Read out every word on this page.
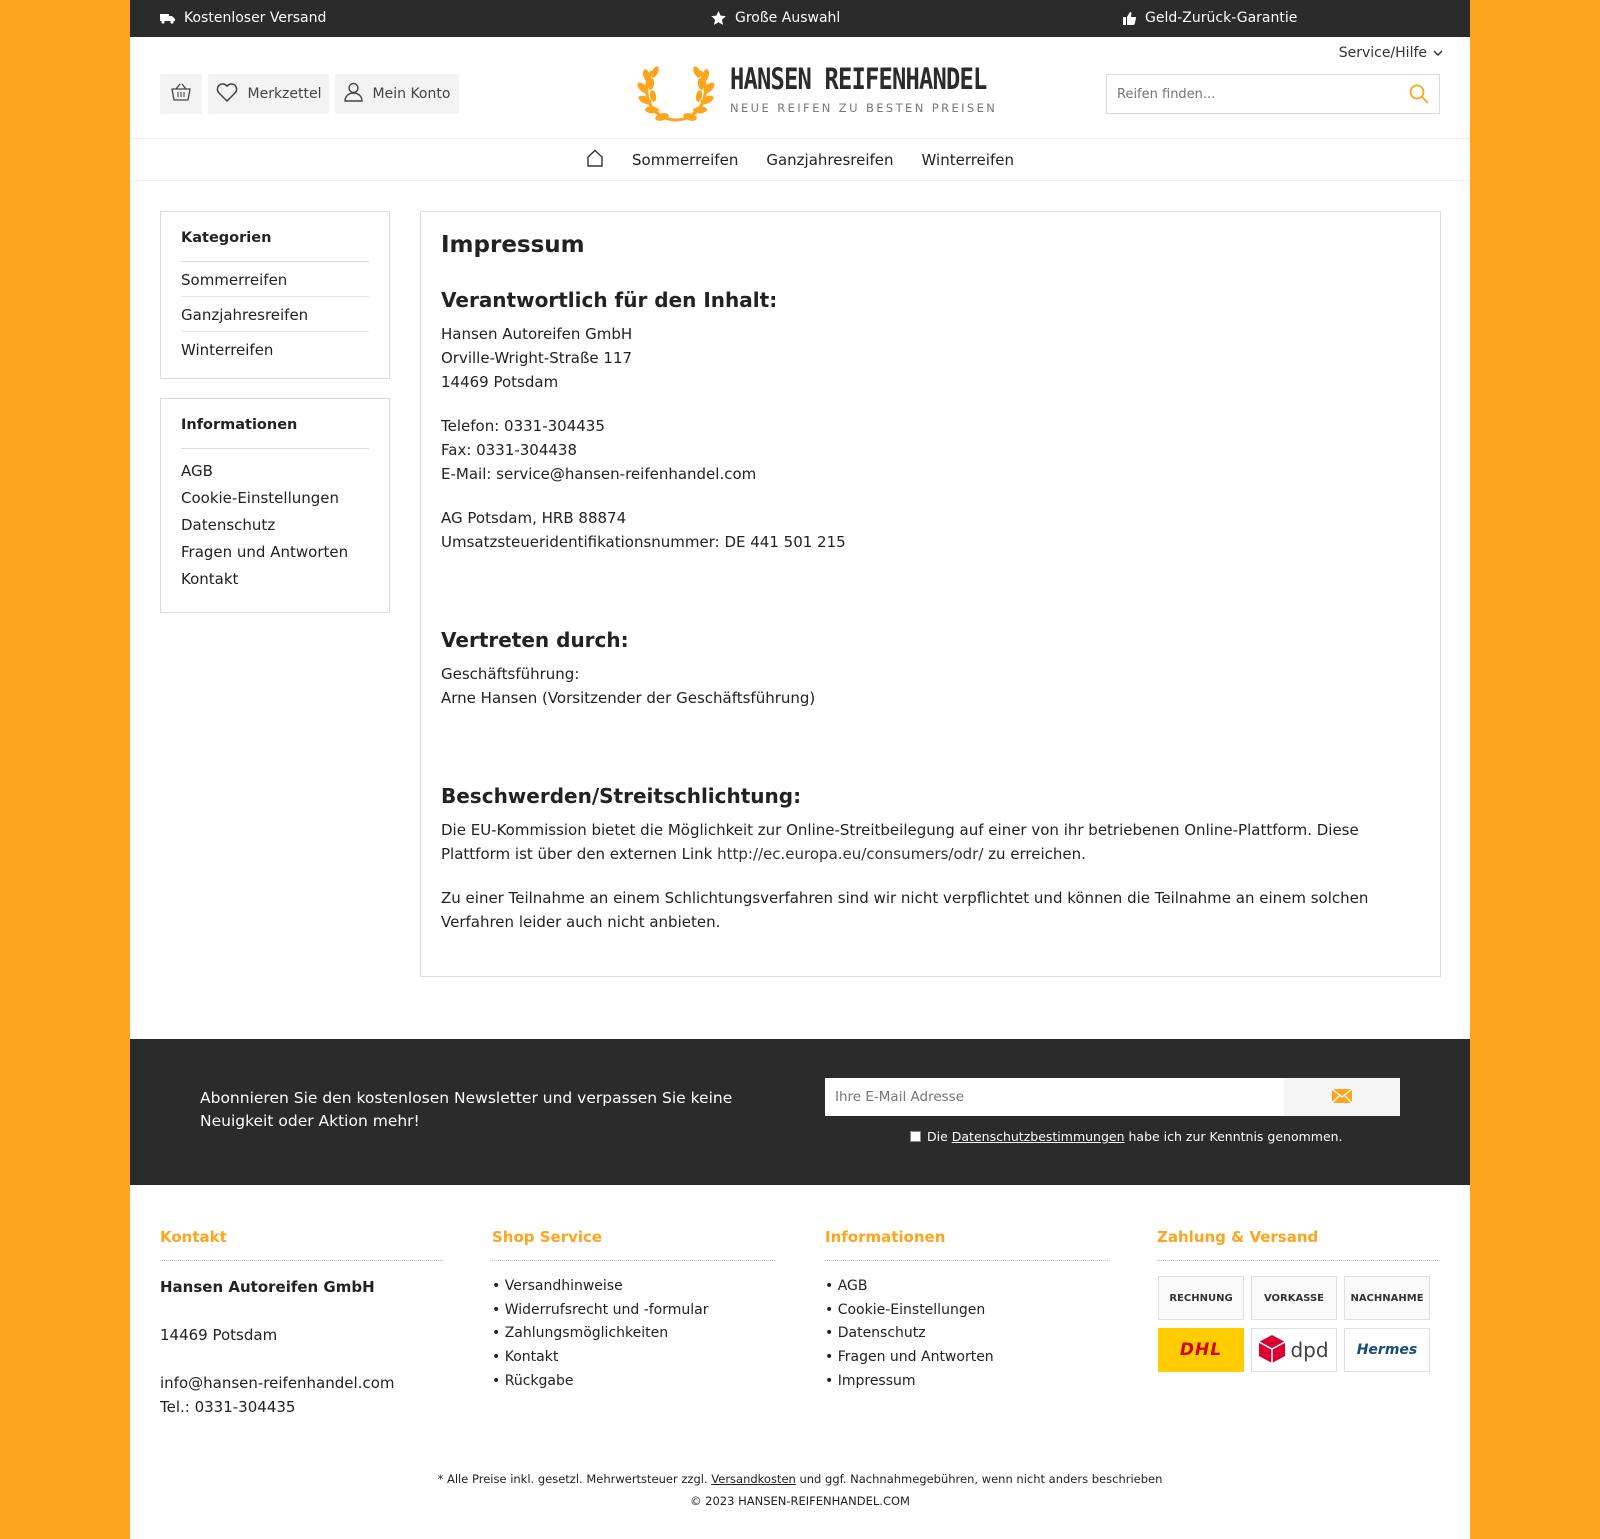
Kostenloser Versand	Große Auswahl	Geld-Zurück-Garantie
Service/Hilfe
Merkzettel	Mein Konto	HANSEN REIFENHANDEL
NEUE REIFEN ZU BESTEN PREISEN
Reifen finden...
Sommerreifen Ganzjahresreifen Winterreifen
Kategorien
Sommerreifen
Ganzjahresreifen
Winterreifen
Informationen
AGB
Cookie-Einstellungen
Datenschutz
Fragen und Antworten
Kontakt
Impressum
Verantwortlich für den Inhalt:

Hansen Autoreifen GmbH

Orville-Wright-Straße 117

14469 Potsdam

Telefon: 0331-304435

Fax: 0331-304438

E-Mail: service@hansen-reifenhandel.com

AG Potsdam, HRB 88874

Umsatzsteueridentifikationsnummer: DE 441 501 215

Vertreten durch:

Geschäftsführung:

Arne Hansen (Vorsitzender der Geschäftsführung)

Beschwerden/Streitschlichtung:

Die EU-Kommission bietet die Möglichkeit zur Online-Streitbeilegung auf einer von ihr betriebenen Online-Plattform. Diese Plattform ist über den externen Link http://ec.europa.eu/consumers/odr/ zu erreichen.

Zu einer Teilnahme an einem Schlichtungsverfahren sind wir nicht verpflichtet und können die Teilnahme an einem solchen Verfahren leider auch nicht anbieten.

Abonnieren Sie den kostenlosen Newsletter und verpassen Sie keine Neuigkeit oder Aktion mehr!
Ihre E-Mail Adresse
Die Datenschutzbestimmungen habe ich zur Kenntnis genommen.
Kontakt
Hansen Autoreifen GmbH
14469 Potsdam
info@hansen-reifenhandel.com
Tel.: 0331-304435
Shop Service
• Versandhinweise
• Widerrufsrecht und -formular
• Zahlungsmöglichkeiten
• Kontakt
• Rückgabe
Informationen
• AGB
• Cookie-Einstellungen
• Datenschutz
• Fragen und Antworten
• Impressum
Zahlung & Versand
RECHNUNG	VORKASSE	NACHNAHME
DHL	dpd Hermes
* Alle Preise inkl. gesetzl. Mehrwertsteuer zzgl. Versandkosten und ggf. Nachnahmegebühren, wenn nicht anders beschrieben
© 2023 HANSEN-REIFENHANDEL.COM
